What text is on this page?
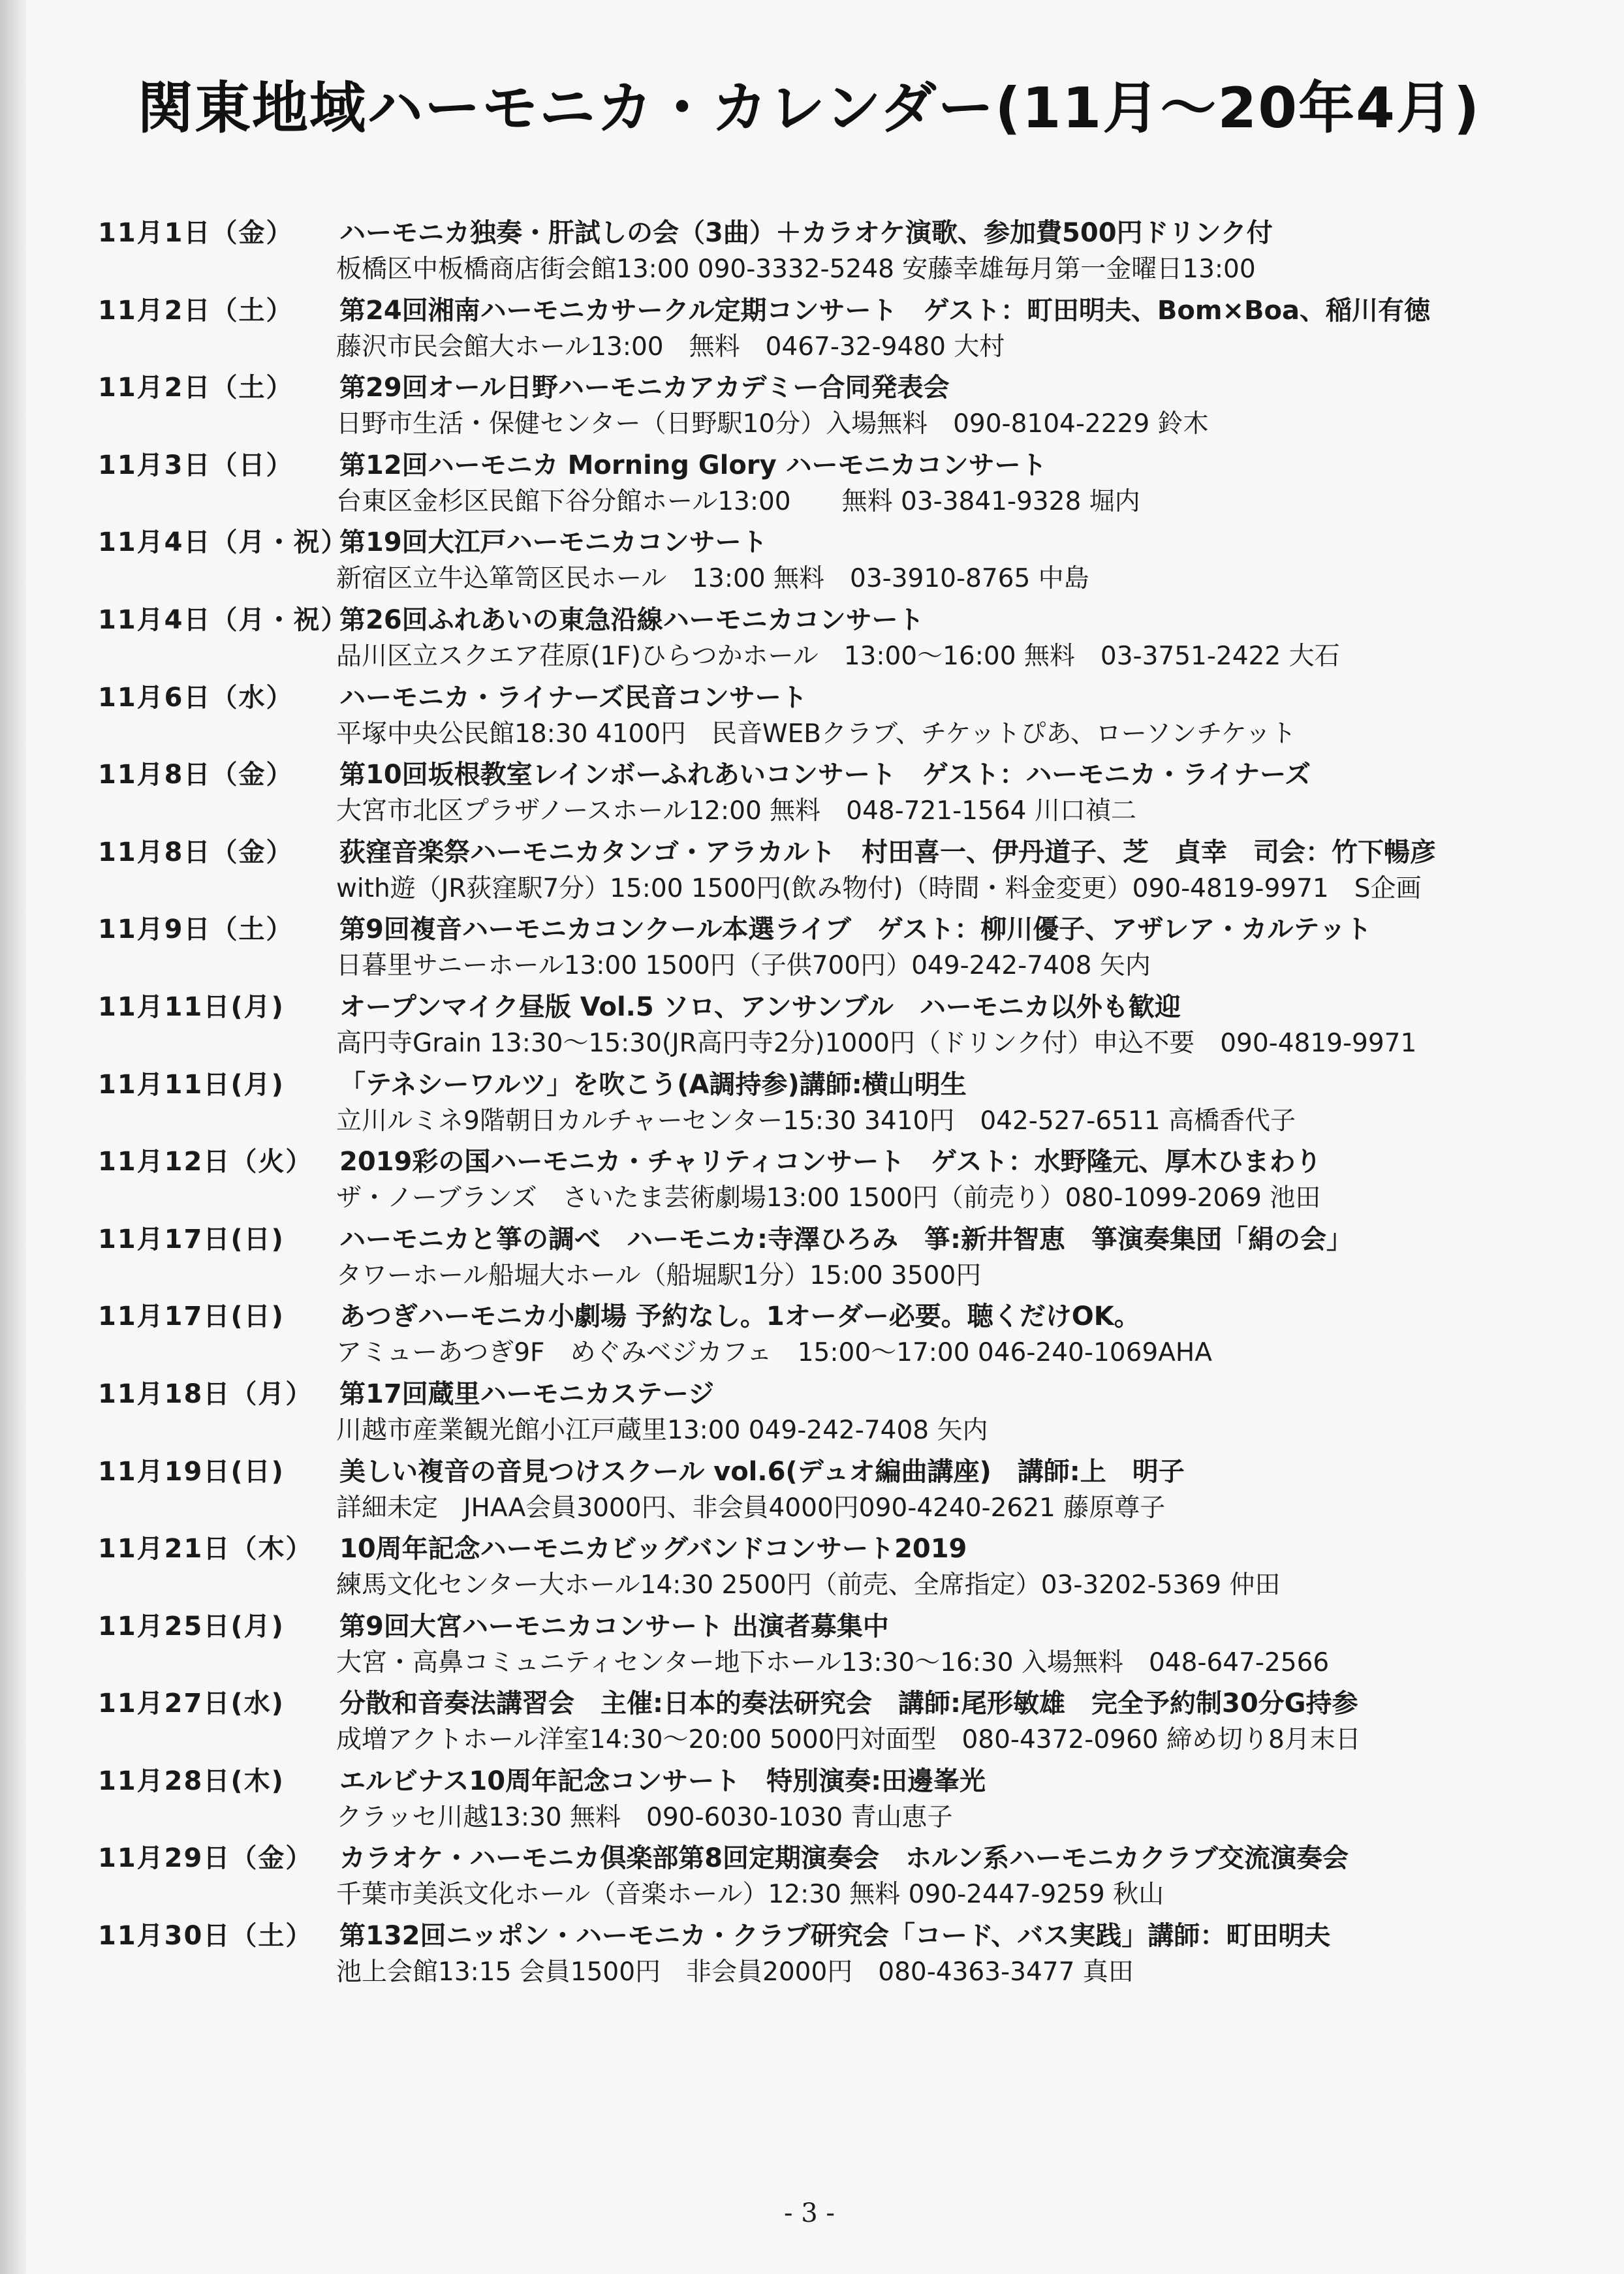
関東地域ハーモニカ・カレンダー(11月〜20年4月)
11月1日（金） ハーモニカ独奏・肝試しの会（3曲）＋カラオケ演歌、参加費500円ドリンク付
板橋区中板橋商店街会館13:00 090-3332-5248 安藤幸雄毎月第一金曜日13:00
11月2日（土） 第24回湘南ハーモニカサークル定期コンサート　ゲスト：町田明夫、Bom×Boa、稲川有徳
藤沢市民会館大ホール13:00　無料　0467-32-9480 大村
11月2日（土） 第29回オール日野ハーモニカアカデミー合同発表会
日野市生活・保健センター（日野駅10分）入場無料　090-8104-2229 鈴木
11月3日（日） 第12回ハーモニカ Morning Glory ハーモニカコンサート
台東区金杉区民館下谷分館ホール13:00　　無料 03-3841-9328 堀内
11月4日（月・祝）
第19回大江戸ハーモニカコンサート
新宿区立牛込箪笥区民ホール　13:00 無料　03-3910-8765 中島
11月4日（月・祝）
第26回ふれあいの東急沿線ハーモニカコンサート
品川区立スクエア荏原(1F)ひらつかホール　13:00〜16:00 無料　03-3751-2422 大石
11月6日（水） ハーモニカ・ライナーズ民音コンサート
平塚中央公民館18:30 4100円　民音WEBクラブ、チケットぴあ、ローソンチケット
11月8日（金） 第10回坂根教室レインボーふれあいコンサート　ゲスト：ハーモニカ・ライナーズ
大宮市北区プラザノースホール12:00 無料　048-721-1564 川口禎二
11月8日（金） 荻窪音楽祭ハーモニカタンゴ・アラカルト　村田喜一、伊丹道子、芝　貞幸　司会：竹下暢彦
with遊（JR荻窪駅7分）15:00 1500円(飲み物付)（時間・料金変更）090-4819-9971　S企画
11月9日（土） 第9回複音ハーモニカコンクール本選ライブ　ゲスト：柳川優子、アザレア・カルテット
日暮里サニーホール13:00 1500円（子供700円）049-242-7408 矢内
11月11日(月) オープンマイク昼版 Vol.5 ソロ、アンサンブル　ハーモニカ以外も歓迎
高円寺Grain 13:30〜15:30(JR高円寺2分)1000円（ドリンク付）申込不要　090-4819-9971
11月11日(月) 「テネシーワルツ」を吹こう(A調持参)講師:横山明生
立川ルミネ9階朝日カルチャーセンター15:30 3410円　042-527-6511 高橋香代子
11月12日（火） 2019彩の国ハーモニカ・チャリティコンサート　ゲスト：水野隆元、厚木ひまわり
ザ・ノーブランズ　さいたま芸術劇場13:00 1500円（前売り）080-1099-2069 池田
11月17日(日) ハーモニカと箏の調べ　ハーモニカ:寺澤ひろみ　箏:新井智恵　箏演奏集団「絹の会」
タワーホール船堀大ホール（船堀駅1分）15:00 3500円
11月17日(日) あつぎハーモニカ小劇場 予約なし。1オーダー必要。聴くだけOK。
アミューあつぎ9F　めぐみベジカフェ　15:00〜17:00 046-240-1069AHA
11月18日（月） 第17回蔵里ハーモニカステージ
川越市産業観光館小江戸蔵里13:00 049-242-7408 矢内
11月19日(日) 美しい複音の音見つけスクール vol.6(デュオ編曲講座)　講師:上　明子
詳細未定　JHAA会員3000円、非会員4000円090-4240-2621 藤原尊子
11月21日（木） 10周年記念ハーモニカビッグバンドコンサート2019
練馬文化センター大ホール14:30 2500円（前売、全席指定）03-3202-5369 仲田
11月25日(月) 第9回大宮ハーモニカコンサート 出演者募集中
大宮・高鼻コミュニティセンター地下ホール13:30〜16:30 入場無料　048-647-2566
11月27日(水) 分散和音奏法講習会　主催:日本的奏法研究会　講師:尾形敏雄　完全予約制30分G持参
成増アクトホール洋室14:30〜20:00 5000円対面型　080-4372-0960 締め切り8月末日
11月28日(木) エルビナス10周年記念コンサート　特別演奏:田邊峯光
クラッセ川越13:30 無料　090-6030-1030 青山恵子
11月29日（金） カラオケ・ハーモニカ倶楽部第8回定期演奏会　ホルン系ハーモニカクラブ交流演奏会
千葉市美浜文化ホール（音楽ホール）12:30 無料 090-2447-9259 秋山
11月30日（土） 第132回ニッポン・ハーモニカ・クラブ研究会「コード、バス実践」講師：町田明夫
池上会館13:15 会員1500円　非会員2000円　080-4363-3477 真田
- 3 -
